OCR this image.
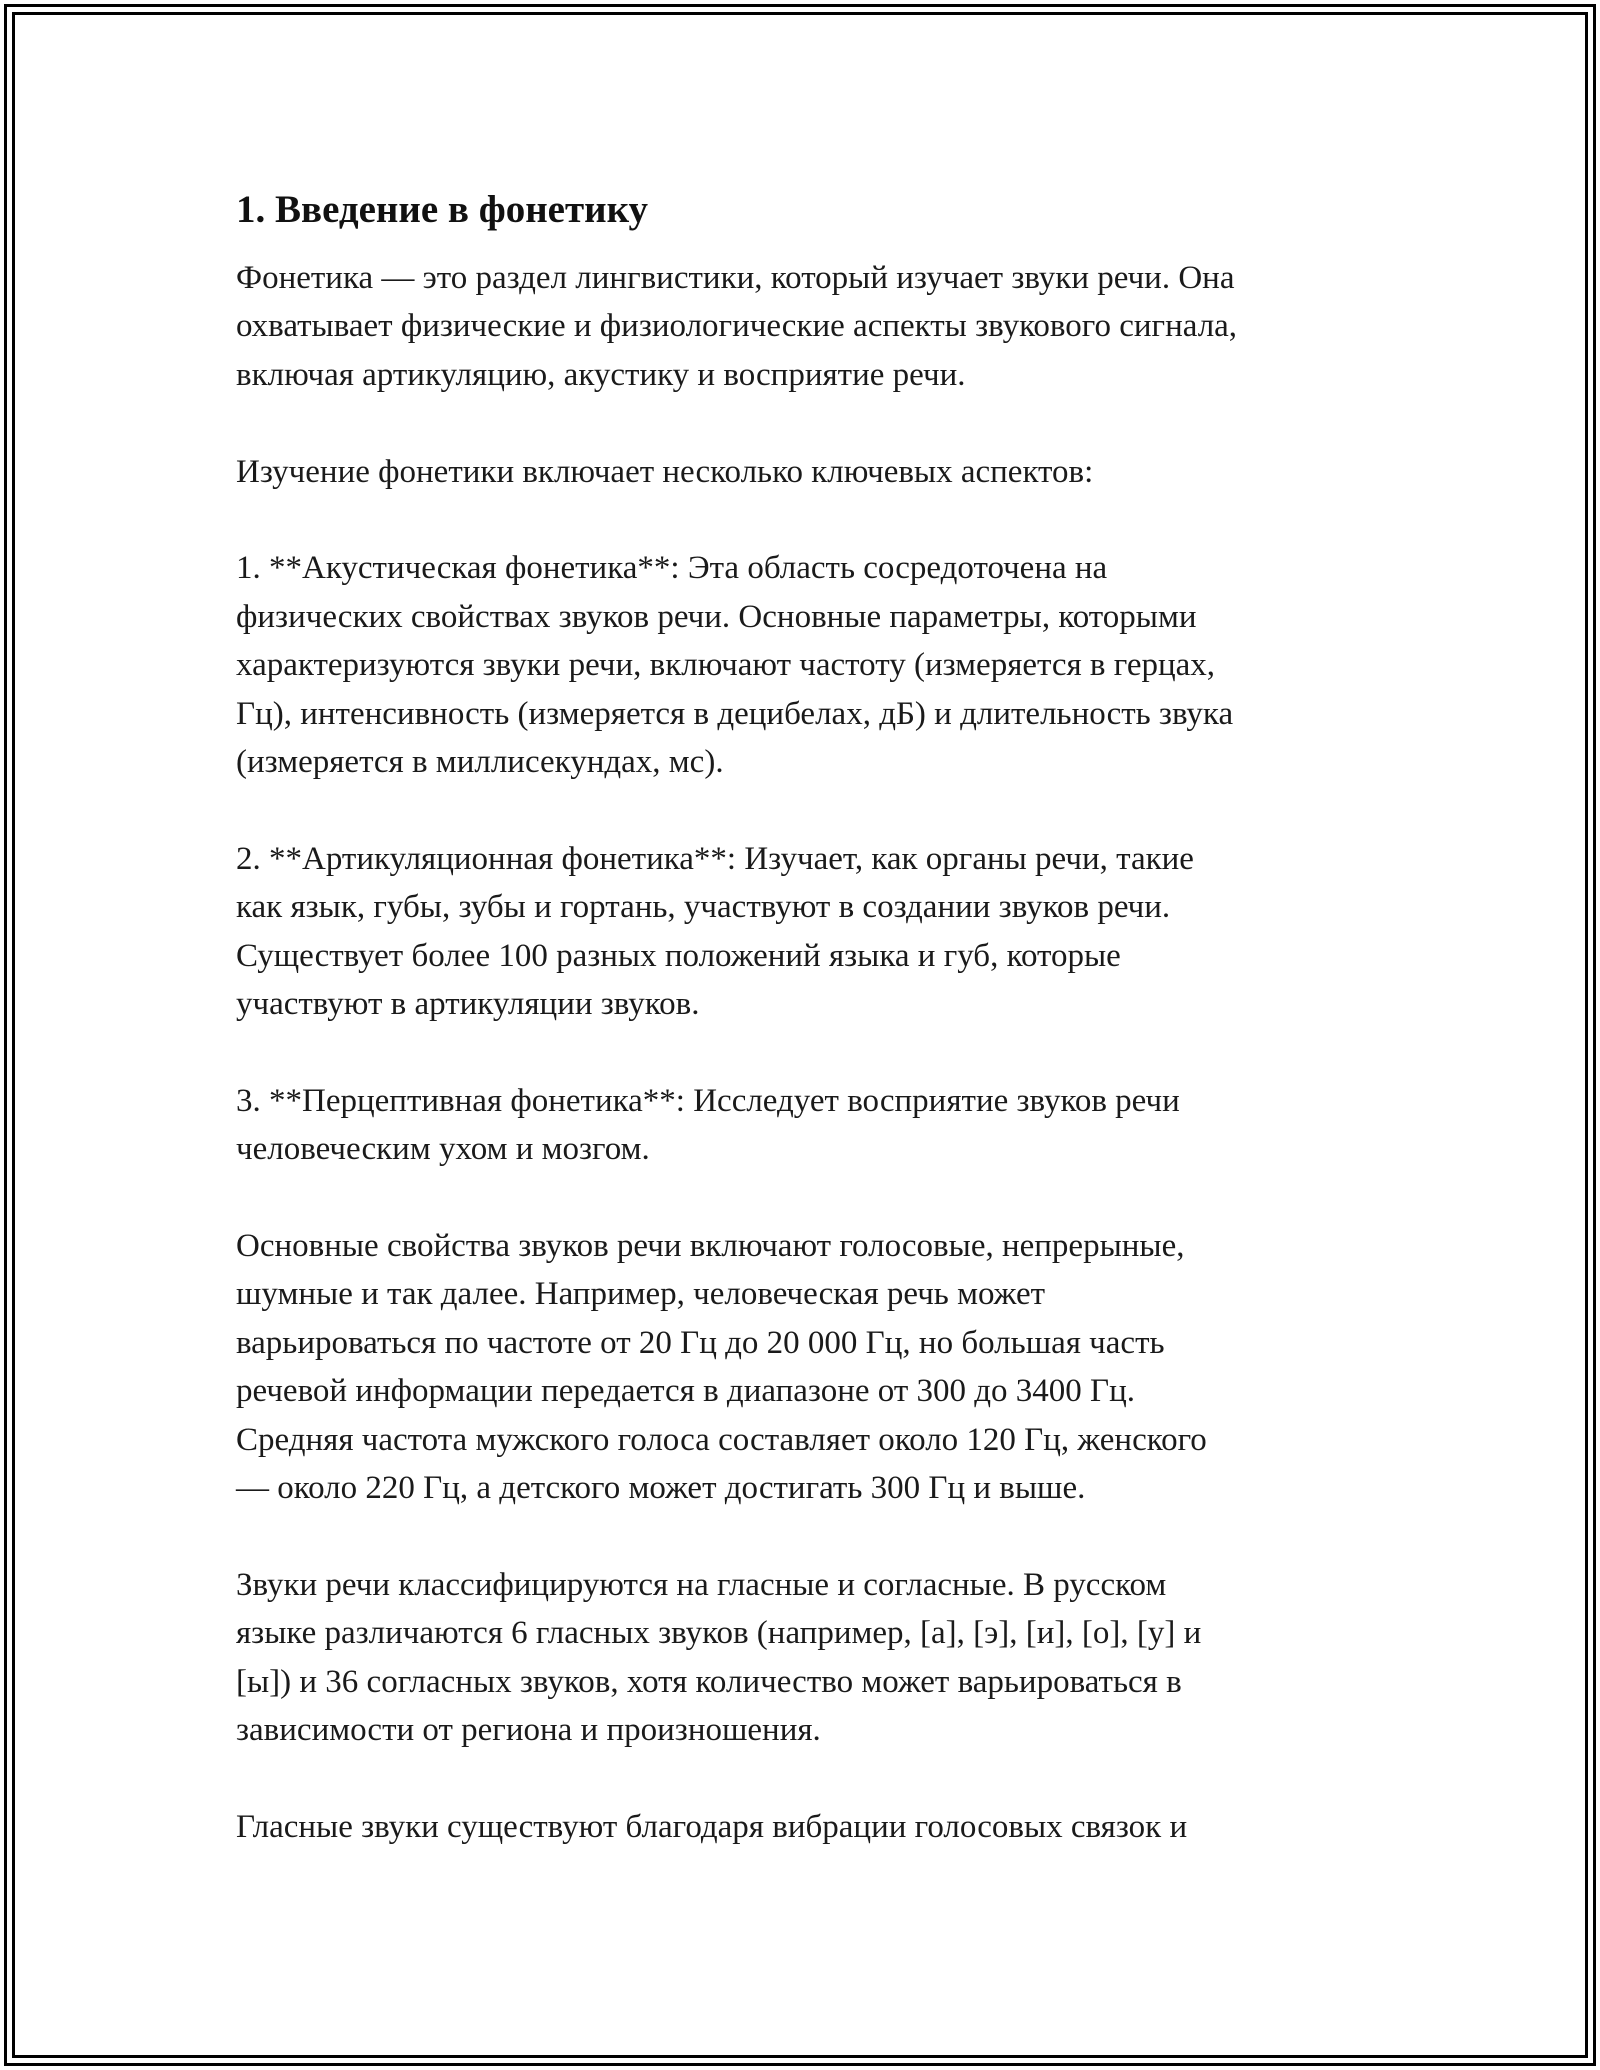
1. Введение в фонетику

Фонетика — это раздел лингвистики, который изучает звуки речи. Она
охватывает физические и физиологические аспекты звукового сигнала,
включая артикуляцию, акустику и восприятие речи.

Изучение фонетики включает несколько ключевых аспектов:

1. **Акустическая фонетика**: Эта область сосредоточена на
физических свойствах звуков речи. Основные параметры, которыми
характеризуются звуки речи, включают частоту (измеряется в герцах,
Гц), интенсивность (измеряется в децибелах, дБ) и длительность звука
(измеряется в миллисекундах, мс).

2. **Артикуляционная фонетика**: Изучает, как органы речи, такие
как язык, губы, зубы и гортань, участвуют в создании звуков речи.
Существует более 100 разных положений языка и губ, которые
участвуют в артикуляции звуков.

3. **Перцептивная фонетика**: Исследует восприятие звуков речи
человеческим ухом и мозгом.

Основные свойства звуков речи включают голосовые, непрерыные,
шумные и так далее. Например, человеческая речь может
варьироваться по частоте от 20 Гц до 20 000 Гц, но большая часть
речевой информации передается в диапазоне от 300 до 3400 Гц.
Средняя частота мужского голоса составляет около 120 Гц, женского
— около 220 Гц, а детского может достигать 300 Гц и выше.

Звуки речи классифицируются на гласные и согласные. В русском
языке различаются 6 гласных звуков (например, [а], [э], [и], [о], [у] и
[ы]) и 36 согласных звуков, хотя количество может варьироваться в
зависимости от региона и произношения.

Гласные звуки существуют благодаря вибрации голосовых связок и
